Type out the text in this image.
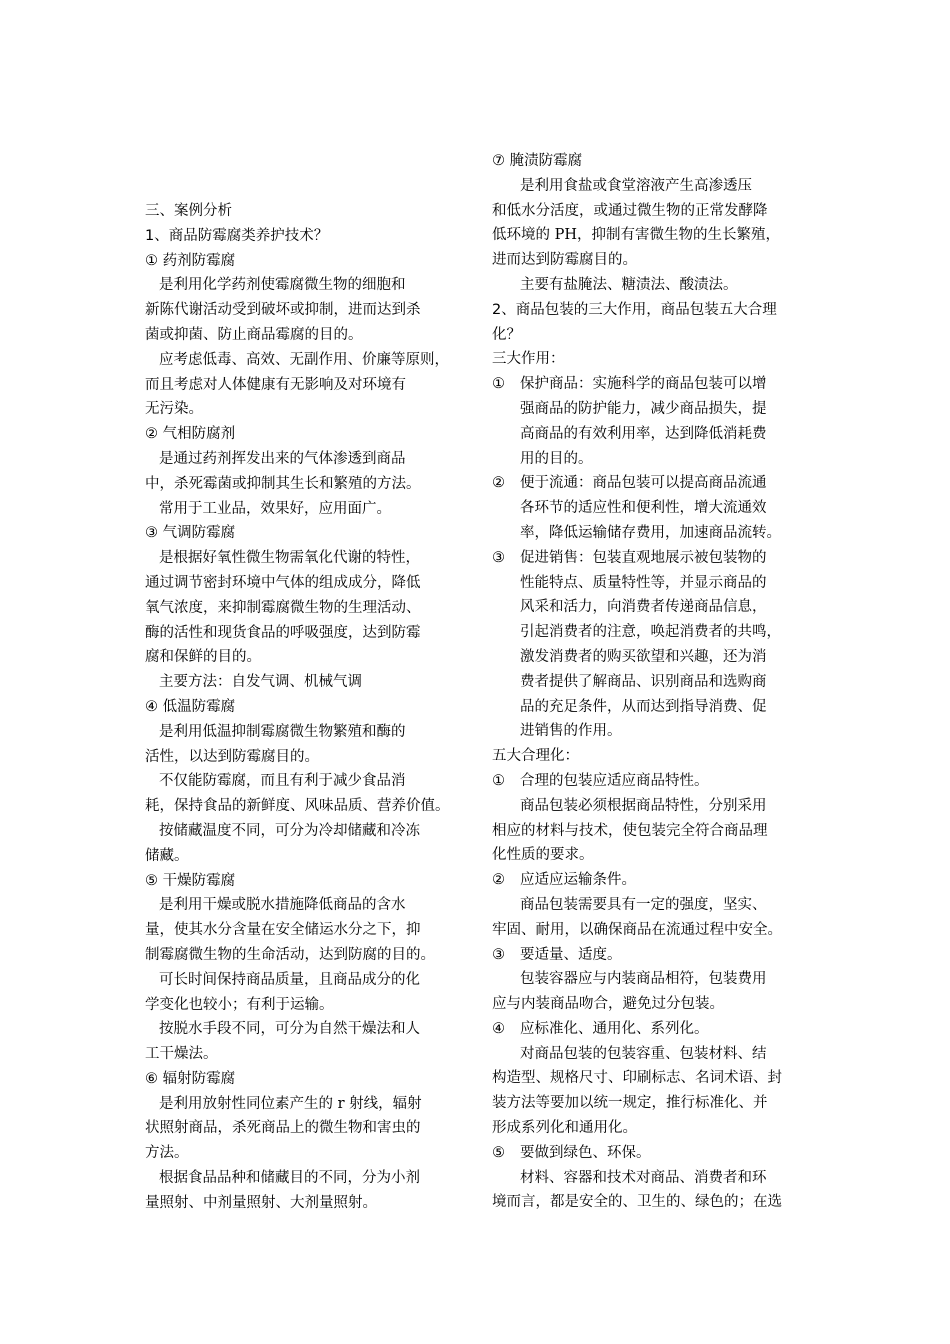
三、案例分析
1、商品防霉腐类养护技术？
① 药剂防霉腐
是利用化学药剂使霉腐微生物的细胞和
新陈代谢活动受到破坏或抑制，进而达到杀
菌或抑菌、防止商品霉腐的目的。
应考虑低毒、高效、无副作用、价廉等原则，
而且考虑对人体健康有无影响及对环境有
无污染。
② 气相防腐剂
是通过药剂挥发出来的气体渗透到商品
中，杀死霉菌或抑制其生长和繁殖的方法。
常用于工业品，效果好，应用面广。
③ 气调防霉腐
是根据好氧性微生物需氧化代谢的特性，
通过调节密封环境中气体的组成成分，降低
氧气浓度，来抑制霉腐微生物的生理活动、
酶的活性和现货食品的呼吸强度，达到防霉
腐和保鲜的目的。
主要方法：自发气调、机械气调
④ 低温防霉腐
是利用低温抑制霉腐微生物繁殖和酶的
活性，以达到防霉腐目的。
不仅能防霉腐，而且有利于减少食品消
耗，保持食品的新鲜度、风味品质、营养价值。
按储藏温度不同，可分为冷却储藏和冷冻
储藏。
⑤ 干燥防霉腐
是利用干燥或脱水措施降低商品的含水
量，使其水分含量在安全储运水分之下，抑
制霉腐微生物的生命活动，达到防腐的目的。
可长时间保持商品质量，且商品成分的化
学变化也较小；有利于运输。
按脱水手段不同，可分为自然干燥法和人
工干燥法。
⑥ 辐射防霉腐
是利用放射性同位素产生的 r 射线，辐射
状照射商品，杀死商品上的微生物和害虫的
方法。
根据食品品种和储藏目的不同，分为小剂
量照射、中剂量照射、大剂量照射。
⑦ 腌渍防霉腐
是利用食盐或食堂溶液产生高渗透压
和低水分活度，或通过微生物的正常发酵降
低环境的 PH，抑制有害微生物的生长繁殖，
进而达到防霉腐目的。
主要有盐腌法、糖渍法、酸渍法。
2、商品包装的三大作用，商品包装五大合理
化？
三大作用：
① 保护商品：实施科学的商品包装可以增
强商品的防护能力，减少商品损失，提
高商品的有效利用率，达到降低消耗费
用的目的。
② 便于流通：商品包装可以提高商品流通
各环节的适应性和便利性，增大流通效
率，降低运输储存费用，加速商品流转。
③ 促进销售：包装直观地展示被包装物的
性能特点、质量特性等，并显示商品的
风采和活力，向消费者传递商品信息，
引起消费者的注意，唤起消费者的共鸣，
激发消费者的购买欲望和兴趣，还为消
费者提供了解商品、识别商品和选购商
品的充足条件，从而达到指导消费、促
进销售的作用。
五大合理化：
① 合理的包装应适应商品特性。
商品包装必须根据商品特性，分别采用
相应的材料与技术，使包装完全符合商品理
化性质的要求。
② 应适应运输条件。
商品包装需要具有一定的强度，坚实、
牢固、耐用，以确保商品在流通过程中安全。
③ 要适量、适度。
包装容器应与内装商品相符，包装费用
应与内装商品吻合，避免过分包装。
④ 应标准化、通用化、系列化。
对商品包装的包装容重、包装材料、结
构造型、规格尺寸、印刷标志、名词术语、封
装方法等要加以统一规定，推行标准化、并
形成系列化和通用化。
⑤ 要做到绿色、环保。
材料、容器和技术对商品、消费者和环
境而言，都是安全的、卫生的、绿色的；在选
